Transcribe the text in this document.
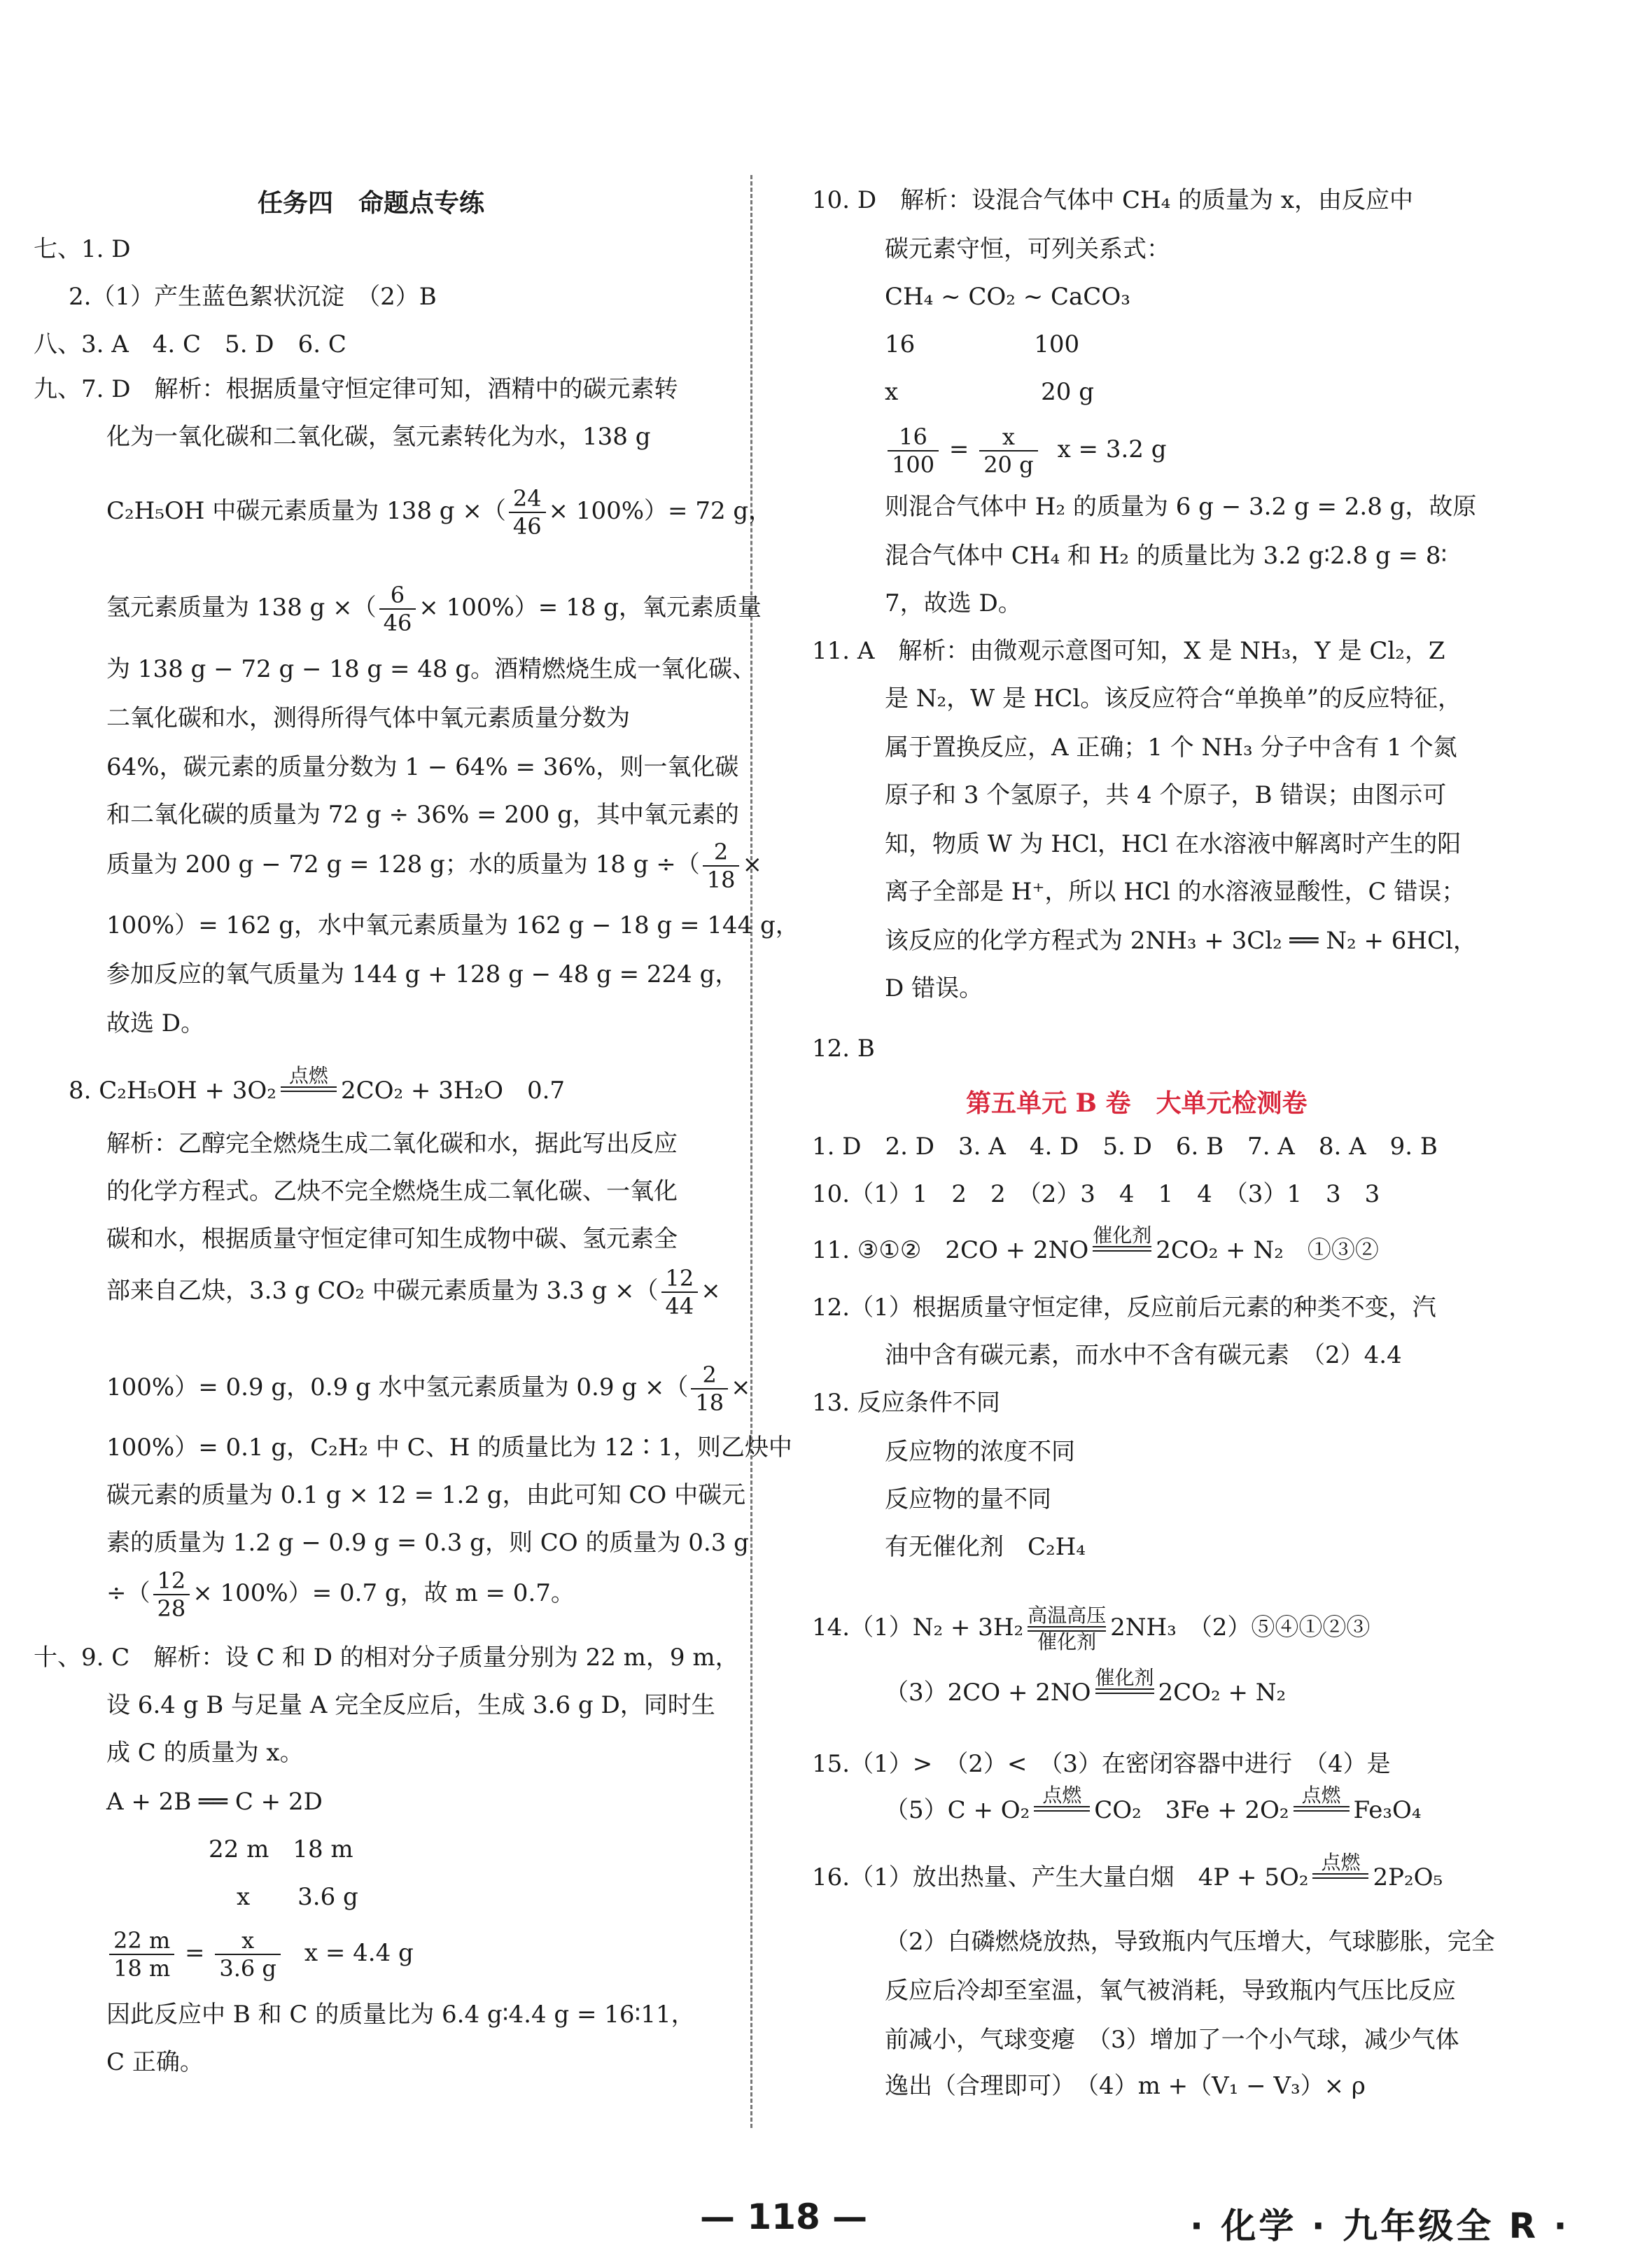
任务四　命题点专练
七、1. D
2.（1）产生蓝色絮状沉淀　（2）B
八、3. A　4. C　5. D　6. C
九、7. D　解析：根据质量守恒定律可知，酒精中的碳元素转
化为一氧化碳和二氧化碳，氢元素转化为水，138 g
C₂H₅OH 中碳元素质量为 138 g ×（ $\frac{24}{46} \times 100\%)= 72$ g，
氢元素质量为 138 g ×（ $\frac{6}{46} \times 100\%)= 18$ g，氧元素质量
为 138 g − 72 g − 18 g = 48 g。酒精燃烧生成一氧化碳、
二氧化碳和水，测得所得气体中氧元素质量分数为
64%，碳元素的质量分数为 1 − 64% = 36%，则一氧化碳
和二氧化碳的质量为 72 g ÷ 36% = 200 g，其中氧元素的
质量为 200 g − 72 g = 128 g；水的质量为 18 g ÷（ $\frac{2}{18}$ ×
100%）= 162 g，水中氧元素质量为 162 g − 18 g = 144 g，
参加反应的氧气质量为 144 g + 128 g − 48 g = 224 g，
故选 D。
8. C₂H₅OH + 3O₂
点燃

2CO₂ + 3H₂O　0.7
解析：乙醇完全燃烧生成二氧化碳和水，据此写出反应
的化学方程式。乙炔不完全燃烧生成二氧化碳、一氧化
碳和水，根据质量守恒定律可知生成物中碳、氢元素全
部来自乙炔，3.3 g CO₂ 中碳元素质量为 3.3 g ×（ $\frac{12}{44}$ ×
100%）= 0.9 g，0.9 g 水中氢元素质量为 0.9 g ×（ $\frac{2}{18}$ ×
100%）= 0.1 g，C₂H₂ 中 C、H 的质量比为 12∶1，则乙炔中
碳元素的质量为 0.1 g × 12 = 1.2 g，由此可知 CO 中碳元
素的质量为 1.2 g − 0.9 g = 0.3 g，则 CO 的质量为 0.3 g
÷（ $\frac{12}{28} \times 100\%)= 0.7$ g，故 m = 0.7。
十、9. C　解析：设 C 和 D 的相对分子质量分别为 22 m，9 m，
设 6.4 g B 与足量 A 完全反应后，生成 3.6 g D，同时生
成 C 的质量为 x。
A + 2B ══ C + 2D
22 m　18 m
x　　3.6 g
$\frac{22 m}{18 m} = \frac{x}{3.6 g}$ x = 4.4 g
因此反应中 B 和 C 的质量比为 6.4 g∶4.4 g = 16∶11，
C 正确。
10. D　解析：设混合气体中 CH₄ 的质量为 x，由反应中
碳元素守恒，可列关系式：
CH₄ ~ CO₂ ~ CaCO₃
16　　　　　100
x　　　　　　20 g
$\frac{16}{100} = \frac{x}{20 g}$ x = 3.2 g
则混合气体中 H₂ 的质量为 6 g − 3.2 g = 2.8 g，故原
混合气体中 CH₄ 和 H₂ 的质量比为 3.2 g∶2.8 g = 8∶
7，故选 D。
11. A　解析：由微观示意图可知，X 是 NH₃，Y 是 Cl₂，Z
是 N₂，W 是 HCl。该反应符合“单换单”的反应特征，
属于置换反应，A 正确；1 个 NH₃ 分子中含有 1 个氮
原子和 3 个氢原子，共 4 个原子，B 错误；由图示可
知，物质 W 为 HCl，HCl 在水溶液中解离时产生的阳
离子全部是 H⁺，所以 HCl 的水溶液显酸性，C 错误；
该反应的化学方程式为 2NH₃ + 3Cl₂ ══ N₂ + 6HCl，
D 错误。
12. B
第五单元 B 卷　大单元检测卷
1. D　2. D　3. A　4. D　5. D　6. B　7. A　8. A　9. B
10.（1）1　2　2　（2）3　4　1　4　（3）1　3　3
11. ③①②　2CO + 2NO
催化剂

2CO₂ + N₂　①③②
12.（1）根据质量守恒定律，反应前后元素的种类不变，汽
油中含有碳元素，而水中不含有碳元素　（2）4.4
13. 反应条件不同
反应物的浓度不同
反应物的量不同
有无催化剂　C₂H₄
14.（1）N₂ + 3H₂ 高温高压
催化剂
2NH₃　（2）⑤④①②③
（3）2CO + 2NO
催化剂

2CO₂ + N₂
15.（1）>　（2）<　（3）在密闭容器中进行　（4）是
（5）C + O₂
点燃

CO₂　3Fe + 2O₂
点燃

Fe₃O₄
16.（1）放出热量、产生大量白烟　4P + 5O₂
点燃

2P₂O₅
（2）白磷燃烧放热，导致瓶内气压增大，气球膨胀，完全
反应后冷却至室温，氧气被消耗，导致瓶内气压比反应
前减小，气球变瘪　（3）增加了一个小气球，减少气体
逸出（合理即可）　（4）m +（V₁ − V₃）× ρ
— 118 —	· 化学 · 九年级全 R ·
